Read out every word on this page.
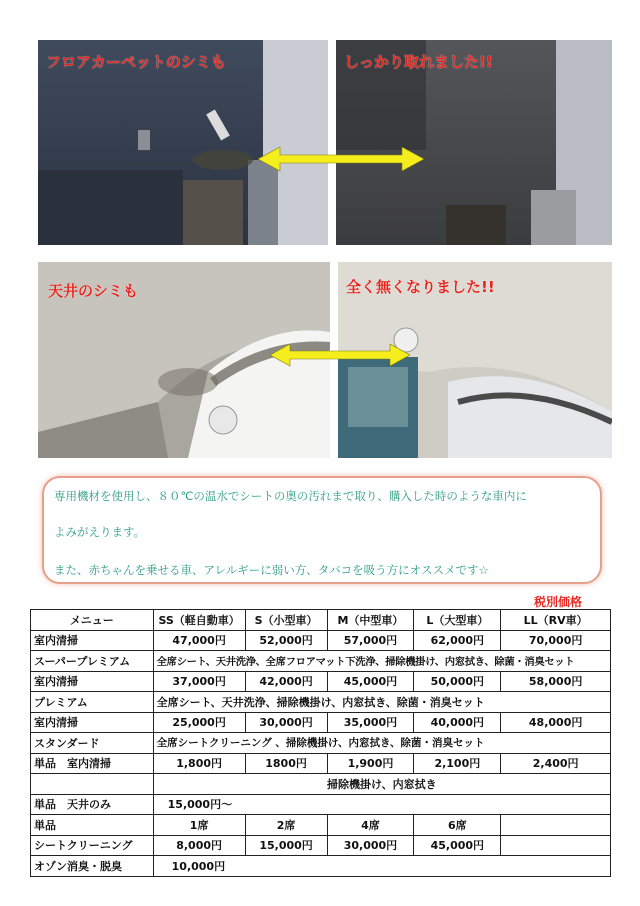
フロアカーペットのシミも	しっかり取れました!!
天井のシミも	全く無くなりました!!

専用機材を使用し、８０℃の温水でシートの奥の汚れまで取り、購入した時のような車内に

よみがえります。

また、赤ちゃんを乗せる車、アレルギーに弱い方、タバコを吸う方にオススメです☆

税別価格
メニュー	SS（軽自動車）	S（小型車）	M（中型車）	L（大型車）	LL（RV車）
室内清掃	47,000円	52,000円	57,000円	62,000円	70,000円
スーパープレミアム	全席シート、天井洗浄、全席フロアマット下洗浄、掃除機掛け、内窓拭き、除菌・消臭セット				
室内清掃	37,000円	42,000円	45,000円	50,000円	58,000円
プレミアム	全席シート、天井洗浄、掃除機掛け、内窓拭き、除菌・消臭セット				
室内清掃	25,000円	30,000円	35,000円	40,000円	48,000円
スタンダード	全席シートクリーニング 、掃除機掛け、内窓拭き、除菌・消臭セット				
単品　室内清掃	1,800円	1800円	1,900円	2,100円	2,400円
	掃除機掛け、内窓拭き				
単品　天井のみ	15,000円～				
単品	1席	2席	4席	6席	
シートクリーニング	8,000円	15,000円	30,000円	45,000円	
オゾン消臭・脱臭	10,000円				
